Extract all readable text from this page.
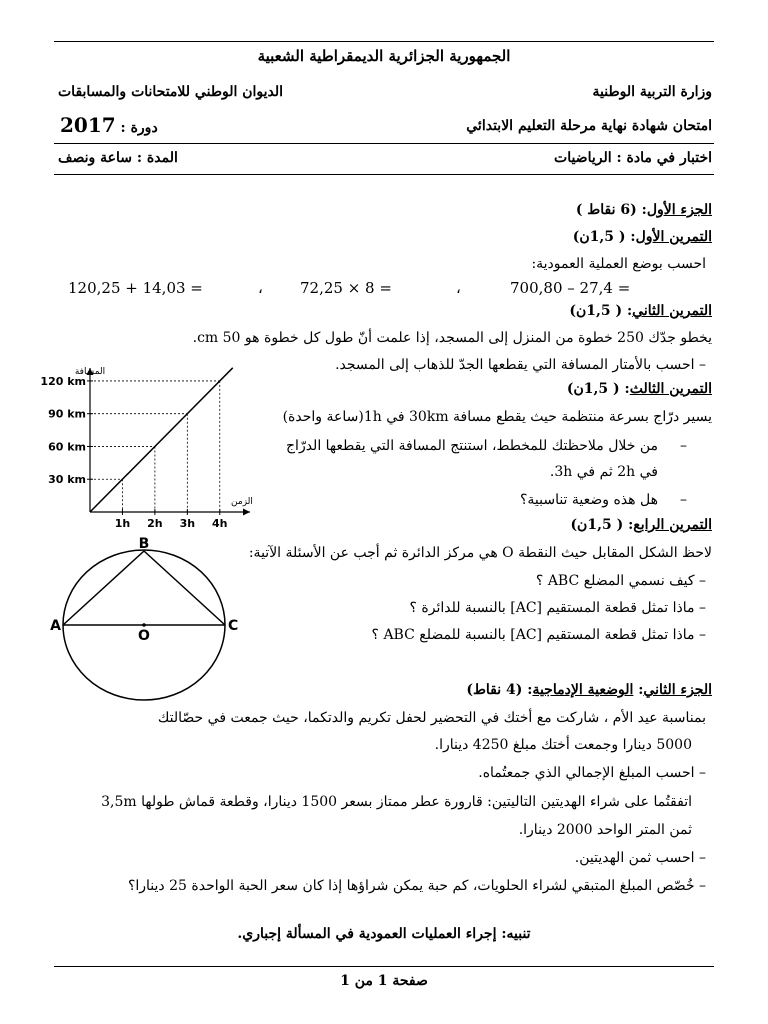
الجمهورية الجزائرية الديمقراطية الشعبية
وزارة التربية الوطنية
الديوان الوطني للامتحانات والمسابقات
امتحان شهادة نهاية مرحلة التعليم الابتدائي
دورة : 2017
اختبار في مادة : الرياضيات
المدة : ساعة ونصف
الجزء الأول: (6 نقاط )
التمرين الأول: ( 1,5ن)
احسب بوضع العملية العمودية:
700,80 – 27,4 =
،
72,25 × 8 =
،
120,25 + 14,03 =
التمرين الثاني: ( 1,5ن)
يخطو جدّك 250 خطوة من المنزل إلى المسجد، إذا علمت أنّ طول كل خطوة هو 50 cm.
– احسب بالأمتار المسافة التي يقطعها الجدّ للذهاب إلى المسجد.
التمرين الثالث: ( 1,5ن)
يسير درّاج بسرعة منتظمة حيث يقطع مسافة 30km في 1h(ساعة واحدة)
–
من خلال ملاحظتك للمخطط، استنتج المسافة التي يقطعها الدرّاج
في 2h ثم في 3h.
–
هل هذه وضعية تناسبية؟
المسافة
الزمن
1h 2h 3h 4h
30 km
60 km
90 km
120 km
التمرين الرابع: ( 1,5ن)
لاحظ الشكل المقابل حيث النقطة O هي مركز الدائرة ثم أجب عن الأسئلة الآتية:
– كيف نسمي المضلع ABC ؟
– ماذا تمثل قطعة المستقيم [AC] بالنسبة للدائرة ؟
– ماذا تمثل قطعة المستقيم [AC] بالنسبة للمضلع ABC ؟
A
B
C
O
الجزء الثاني: الوضعية الإدماجية: (4 نقاط)
بمناسبة عيد الأم ، شاركت مع أختك في التحضير لحفل تكريم والدتكما، حيث جمعت في حصّالتك
5000 دينارا وجمعت أختك مبلغ 4250 دينارا.
– احسب المبلغ الإجمالي الذي جمعتُماه.
اتفقتُما على شراء الهديتين التاليتين: قارورة عطر ممتاز بسعر 1500 دينارا، وقطعة قماش طولها 3,5m
ثمن المتر الواحد 2000 دينارا.
– احسب ثمن الهديتين.
– خُصّص المبلغ المتبقي لشراء الحلويات، كم حبة يمكن شراؤها إذا كان سعر الحبة الواحدة 25 دينارا؟
تنبيه: إجراء العمليات العمودية في المسألة إجباري.
صفحة 1 من 1
